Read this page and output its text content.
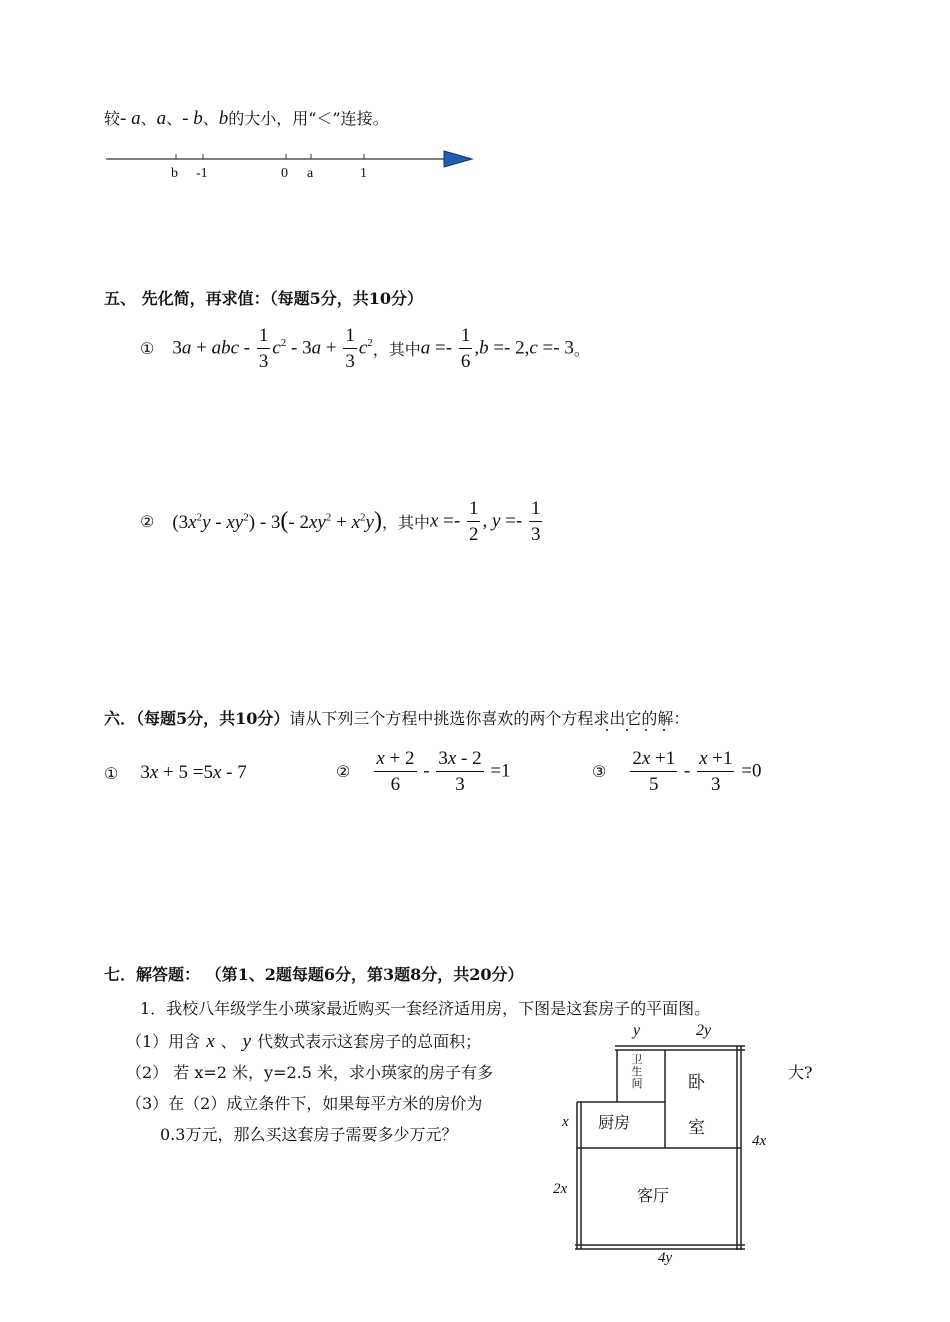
较- a、a、- b、b的大小，用“＜”连接。
b -1	0 a	1
五、 先化简，再求值：（每题5分，共10分）
① 3a + abc - $\frac{1}{3} c^2 - 3a + \frac{1}{3} c^2$ ，其中 $a =- \frac{1}{6} ,b =- 2,c =- 3$ 。
② $(3x^2y - xy^2) - 3(-$ $2xy^2 + x^2y$) ，其中 $x =- \frac{1}{2}$ , $y =- \frac{1}{3}$
六．（每题5分，共10分）请从下列三个方程中挑选你喜欢的两个方程求出它的解：
① 3x + 5 =5x - 7	② $\frac{x + 2}{6} - \frac{3x - 2}{3} =1$	③ $\frac{2x +1}{5} - \frac{x +1}{3} =0$
七．解答题： （第1、2题每题6分，第3题8分，共20分）
1．我校八年级学生小瑛家最近购买一套经济适用房，下图是这套房子的平面图。
（1）用含 x 、 y 代数式表示这套房子的总面积；
（2） 若 x=2 米，y=2.5 米，求小瑛家的房子有多	大?
（3）在（2）成立条件下，如果每平方米的房价为
0.3万元，那么买这套房子需要多少万元？
y	2y
x
4x
2x
4y
卫生间	卧
室
厨房
客厅
